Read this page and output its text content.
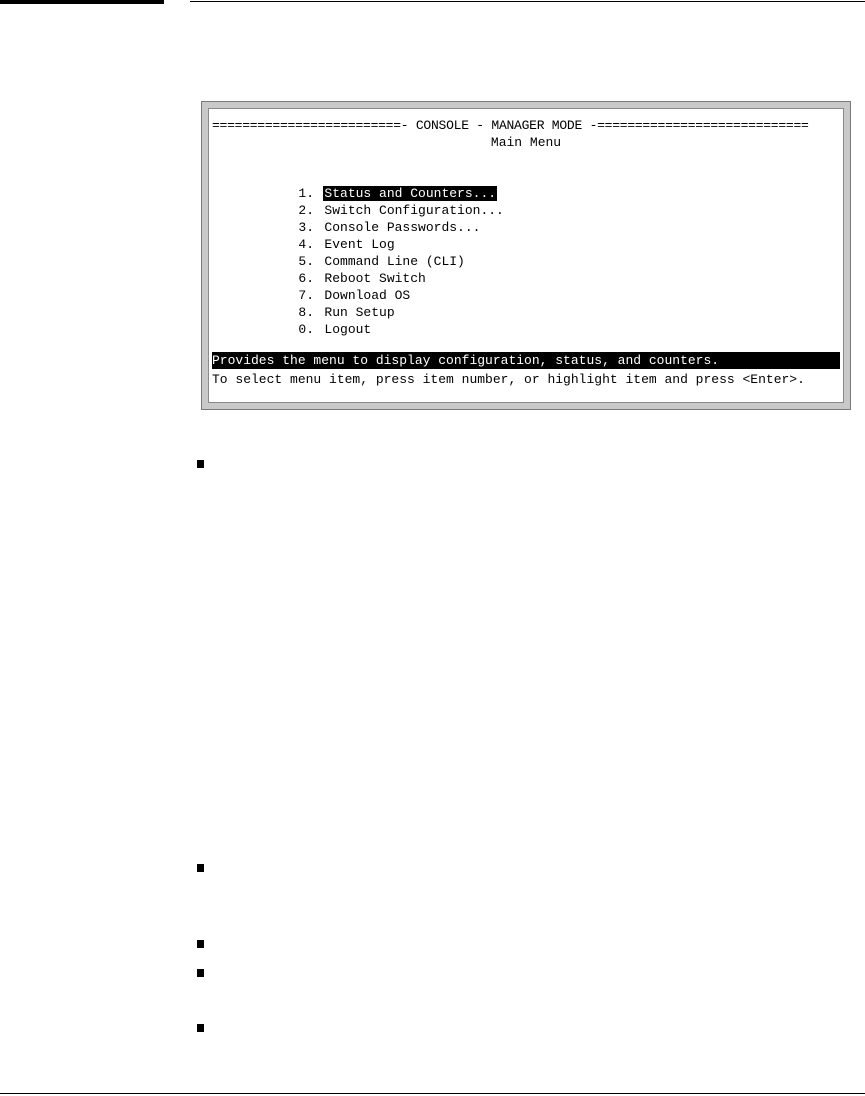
=========================- CONSOLE - MANAGER MODE -============================
Main Menu

1. Status and Counters...

2. Switch Configuration...

3. Console Passwords...

4. Event Log

5. Command Line (CLI)

6. Reboot Switch

7. Download OS

8. Run Setup

0. Logout

Provides the menu to display configuration, status, and counters.
To select menu item, press item number, or highlight item and press <Enter>.
